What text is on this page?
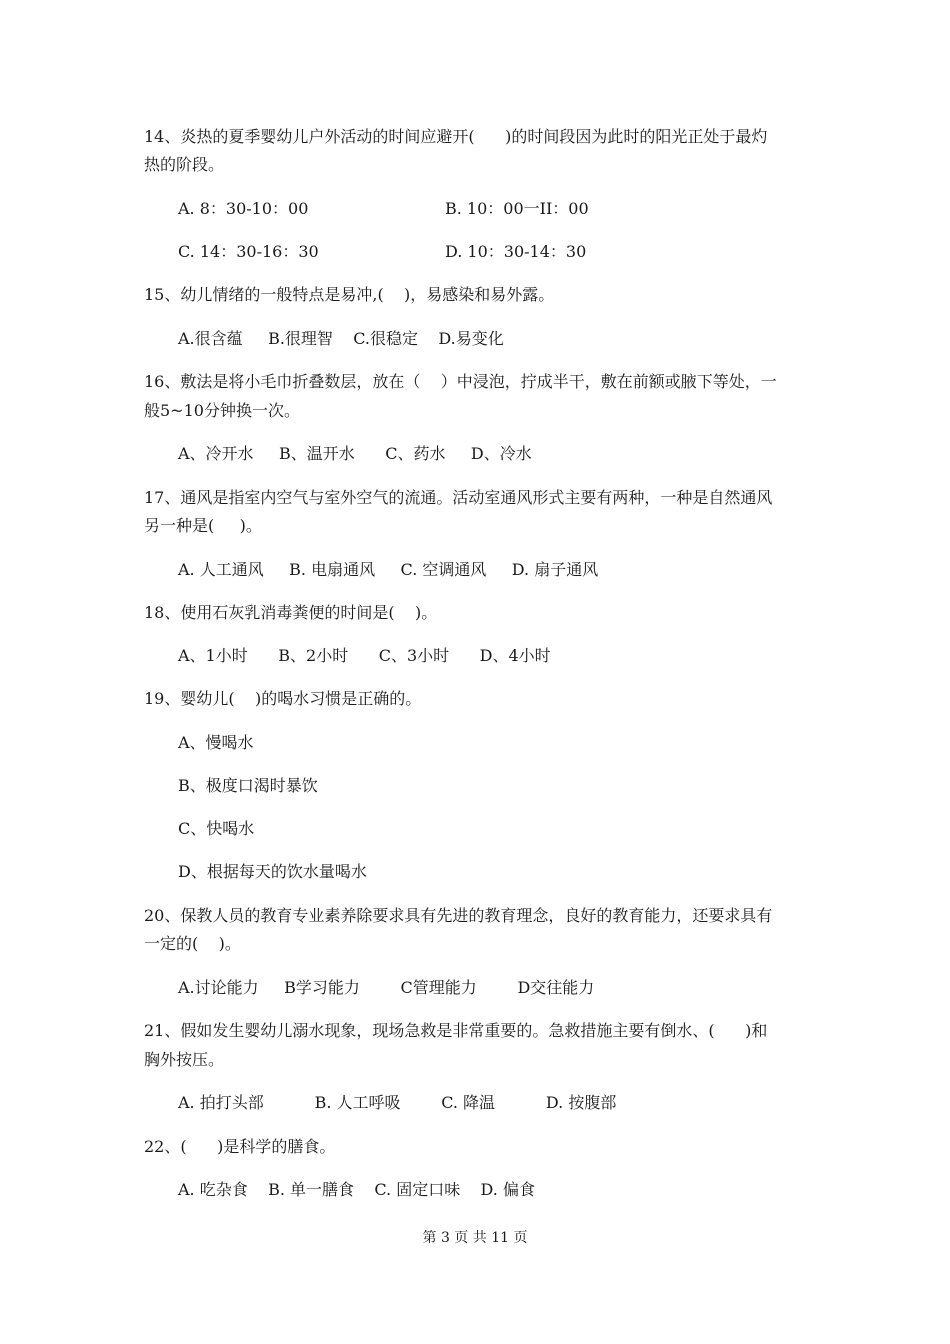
14、炎热的夏季婴幼儿户外活动的时间应避开(      )的时间段因为此时的阳光正处于最灼
热的阶段。
A. 8：30-10：00	B. 10：00一II：00
C. 14：30-16：30	D. 10：30-14：30
15、幼儿情绪的一般特点是易冲,(    )，易感染和易外露。
A.很含蕴     B.很理智    C.很稳定    D.易变化
16、敷法是将小毛巾折叠数层，放在（    ）中浸泡，拧成半干，敷在前额或腋下等处，一
般5~10分钟换一次。
A、冷开水     B、温开水      C、药水     D、冷水
17、通风是指室内空气与室外空气的流通。活动室通风形式主要有两种，一种是自然通风
另一种是(     )。
A. 人工通风     B. 电扇通风     C. 空调通风     D. 扇子通风
18、使用石灰乳消毒粪便的时间是(    )。
A、1小时      B、2小时      C、3小时      D、4小时
19、婴幼儿(    )的喝水习惯是正确的。
A、慢喝水
B、极度口渴时暴饮
C、快喝水
D、根据每天的饮水量喝水
20、保教人员的教育专业素养除要求具有先进的教育理念，良好的教育能力，还要求具有
一定的(    )。
A.讨论能力     B学习能力        C管理能力        D交往能力
21、假如发生婴幼儿溺水现象，现场急救是非常重要的。急救措施主要有倒水、(      )和
胸外按压。
A. 拍打头部          B. 人工呼吸        C. 降温          D. 按腹部
22、(      )是科学的膳食。
A. 吃杂食    B. 单一膳食    C. 固定口味    D. 偏食
第 3 页 共 11 页
